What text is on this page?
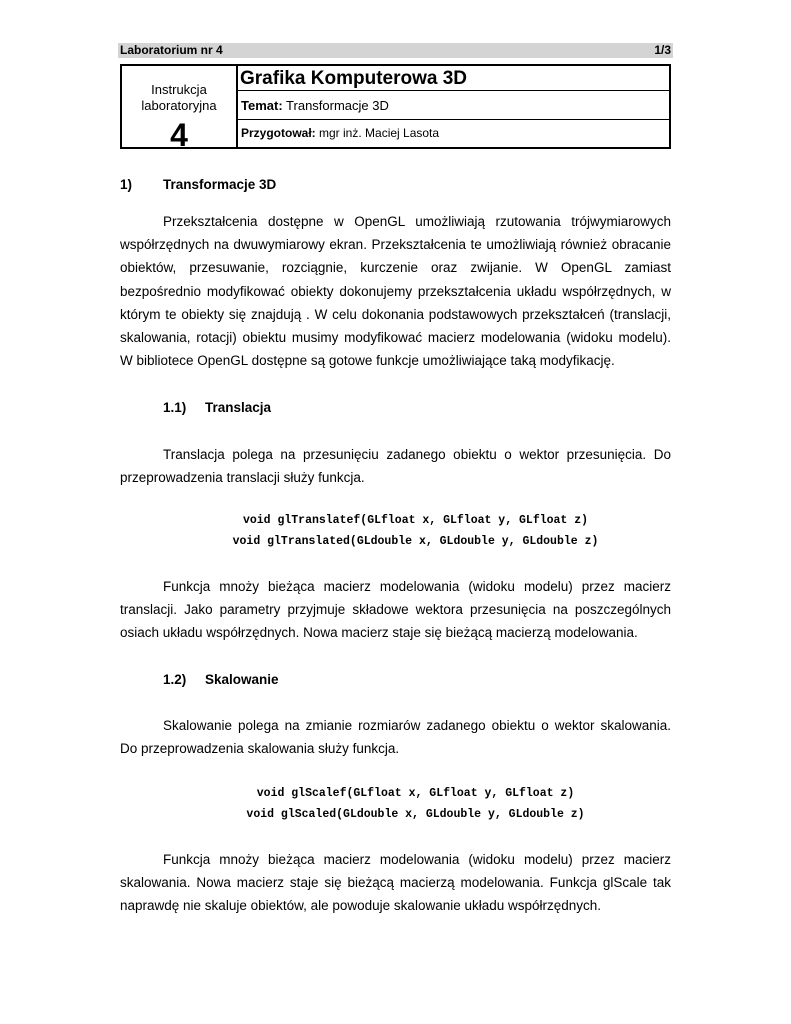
Laboratorium nr 4	1/3
Instrukcja
laboratoryjna
4
Grafika Komputerowa 3D
Temat: Transformacje 3D
Przygotował: mgr inż. Maciej Lasota
1) Transformacje 3D

Przekształcenia dostępne w OpenGL umożliwiają rzutowania trójwymiarowych współrzędnych na dwuwymiarowy ekran. Przekształcenia te umożliwiają również obracanie obiektów, przesuwanie, rozciągnie, kurczenie oraz zwijanie. W OpenGL zamiast bezpośrednio modyfikować obiekty dokonujemy przekształcenia układu współrzędnych, w którym te obiekty się znajdują . W celu dokonania podstawowych przekształceń (translacji, skalowania, rotacji) obiektu musimy modyfikować macierz modelowania (widoku modelu). W bibliotece OpenGL dostępne są gotowe funkcje umożliwiające taką modyfikację.

1.1) Translacja

Translacja polega na przesunięciu zadanego obiektu o wektor przesunięcia. Do przeprowadzenia translacji służy funkcja.

void glTranslatef(GLfloat x, GLfloat y, GLfloat z)
void glTranslated(GLdouble x, GLdouble y, GLdouble z)

Funkcja mnoży bieżąca macierz modelowania (widoku modelu) przez macierz translacji. Jako parametry przyjmuje składowe wektora przesunięcia na poszczególnych osiach układu współrzędnych. Nowa macierz staje się bieżącą macierzą modelowania.

1.2) Skalowanie

Skalowanie polega na zmianie rozmiarów zadanego obiektu o wektor skalowania. Do przeprowadzenia skalowania służy funkcja.

void glScalef(GLfloat x, GLfloat y, GLfloat z)
void glScaled(GLdouble x, GLdouble y, GLdouble z)

Funkcja mnoży bieżąca macierz modelowania (widoku modelu) przez macierz skalowania. Nowa macierz staje się bieżącą macierzą modelowania. Funkcja glScale tak naprawdę nie skaluje obiektów, ale powoduje skalowanie układu współrzędnych.
